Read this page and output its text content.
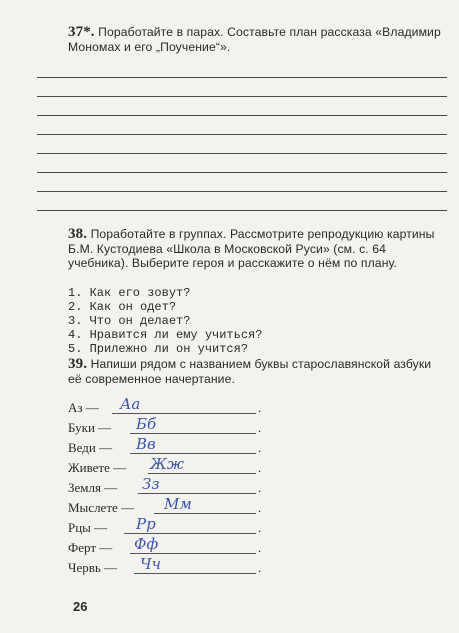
37*. Поработайте в парах. Составьте план рассказа «Владимир Мономах и его „Поучение“».
38. Поработайте в группах. Рассмотрите репродукцию картины Б.М. Кустодиева «Школа в Московской Руси» (см. с. 64 учебника). Выберите героя и расскажите о нём по плану.
1. Как его зовут?
2. Как он одет?
3. Что он делает?
4. Нравится ли ему учиться?
5. Прилежно ли он учится?
39. Напиши рядом с названием буквы старославянской азбуки её современное начертание.
Аз — Аа	.
Буки — Бб	.
Веди — Вв	.
Живете — Жж	.
Земля — Зз	.
Мыслете — Мм	.
Рцы — Рр	.
Ферт — Фф	.
Червь — Чч	.
26
